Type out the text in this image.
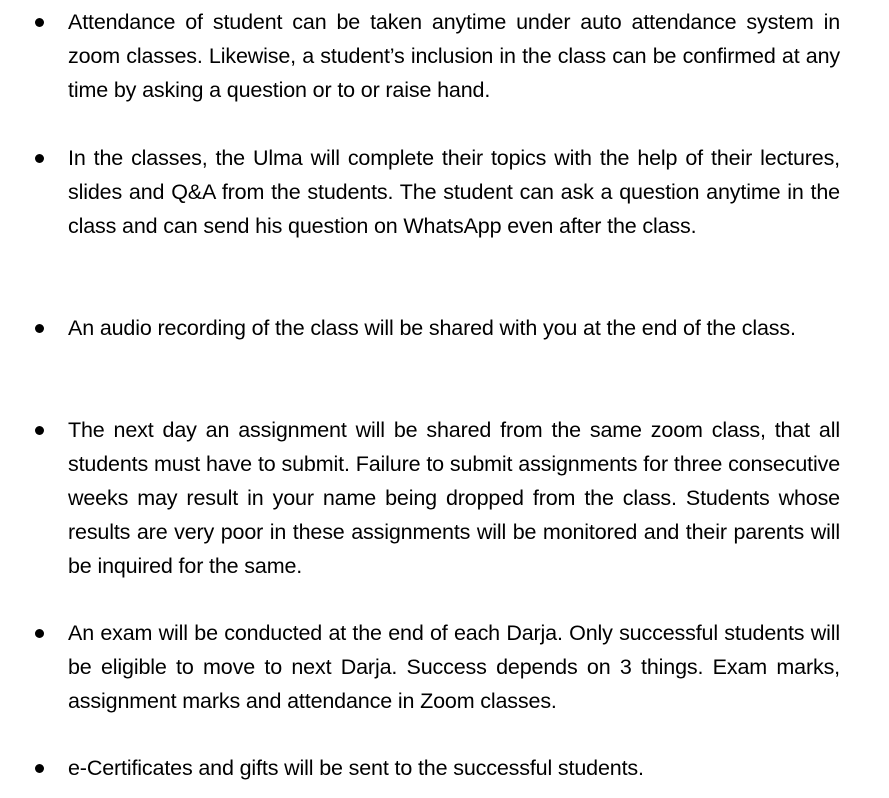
Attendance of student can be taken anytime under auto attendance system in zoom classes. Likewise, a student’s inclusion in the class can be confirmed at any time by asking a question or to or raise hand.
In the classes, the Ulma will complete their topics with the help of their lectures, slides and Q&A from the students. The student can ask a question anytime in the class and can send his question on WhatsApp even after the class.
An audio recording of the class will be shared with you at the end of the class.
The next day an assignment will be shared from the same zoom class, that all students must have to submit. Failure to submit assignments for three consecutive weeks may result in your name being dropped from the class. Students whose results are very poor in these assignments will be monitored and their parents will be inquired for the same.
An exam will be conducted at the end of each Darja. Only successful students will be eligible to move to next Darja. Success depends on 3 things. Exam marks, assignment marks and attendance in Zoom classes.
e-Certificates and gifts will be sent to the successful students.
